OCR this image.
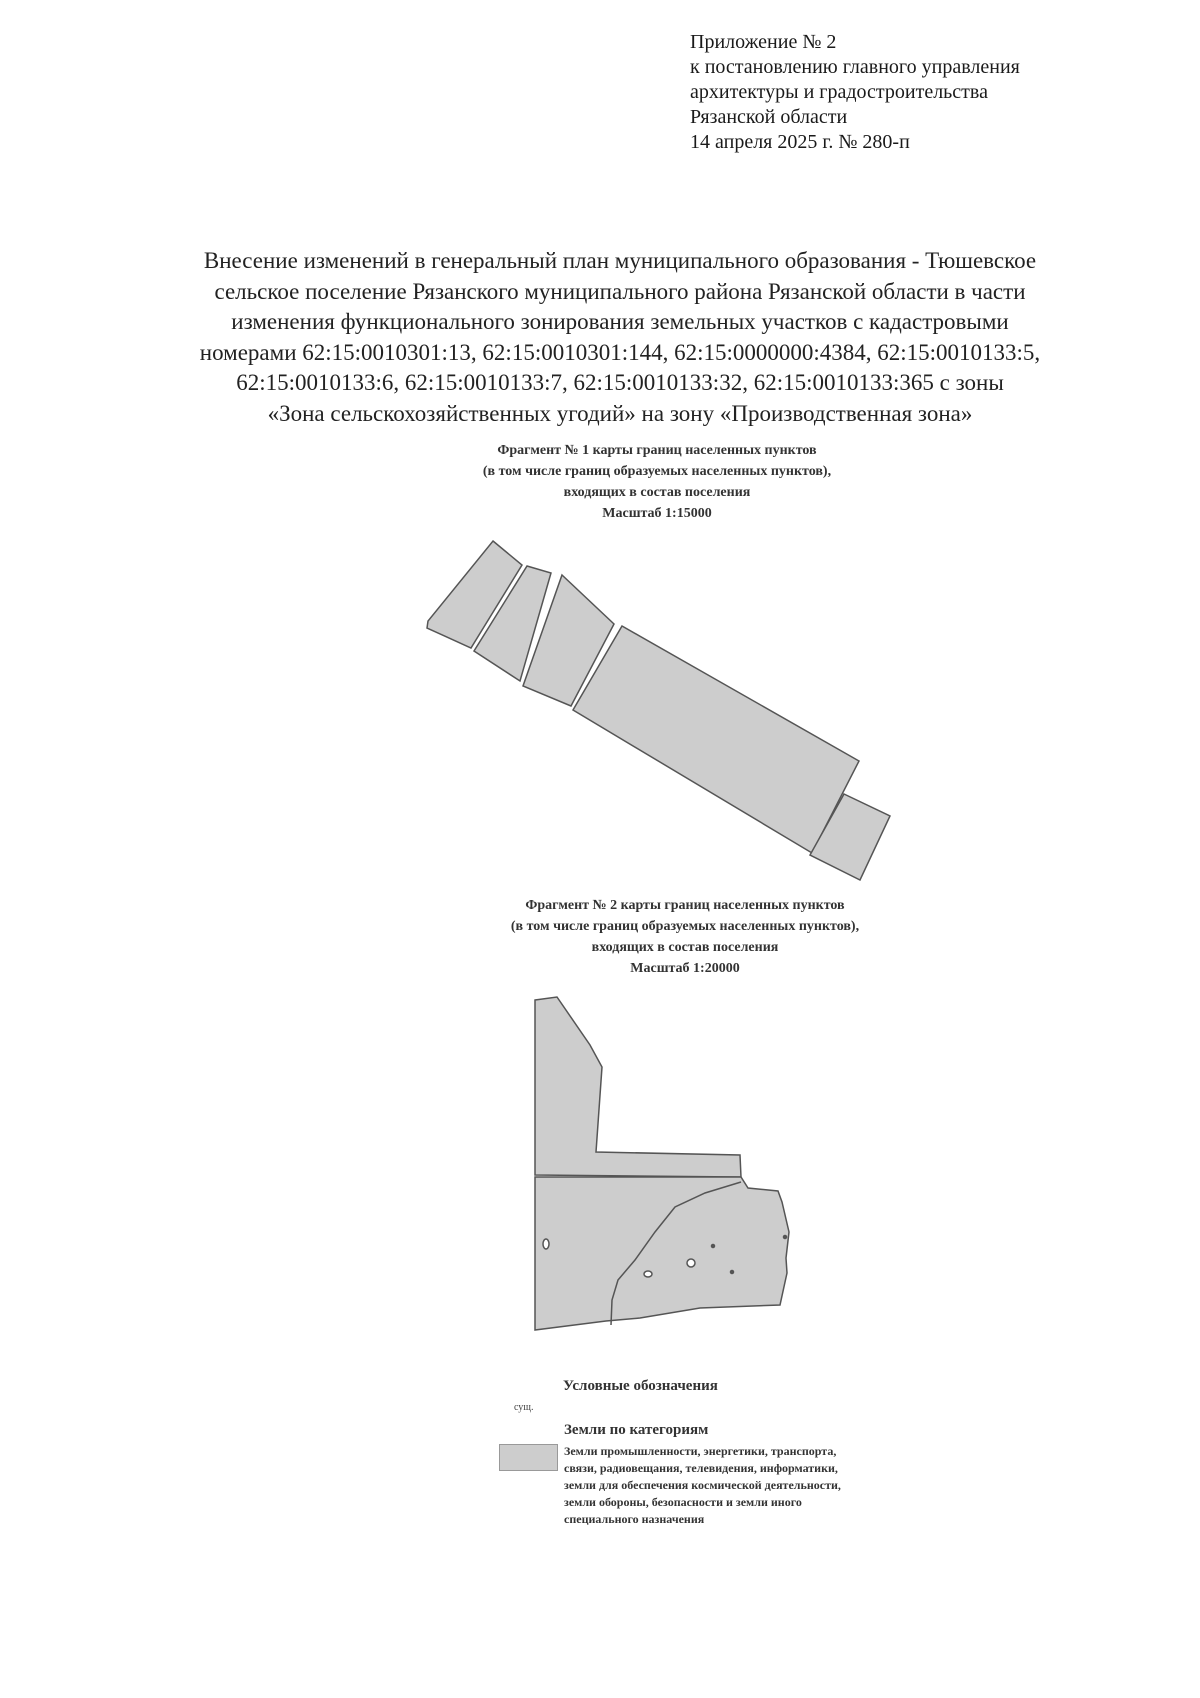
Приложение № 2
к постановлению главного управления
архитектуры и градостроительства
Рязанской области
14 апреля 2025 г. № 280-п
Внесение изменений в генеральный план муниципального образования - Тюшевское
сельское поселение Рязанского муниципального района Рязанской области в части
изменения функционального зонирования земельных участков с кадастровыми
номерами 62:15:0010301:13, 62:15:0010301:144, 62:15:0000000:4384, 62:15:0010133:5,
62:15:0010133:6, 62:15:0010133:7, 62:15:0010133:32, 62:15:0010133:365 с зоны
«Зона сельскохозяйственных угодий» на зону «Производственная зона»
Фрагмент № 1 карты границ населенных пунктов
(в том числе границ образуемых населенных пунктов),
входящих в состав поселения
Масштаб 1:15000
Фрагмент № 2 карты границ населенных пунктов
(в том числе границ образуемых населенных пунктов),
входящих в состав поселения
Масштаб 1:20000
Условные обозначения
сущ.
Земли по категориям
Земли промышленности, энергетики, транспорта,
связи, радиовещания, телевидения, информатики,
земли для обеспечения космической деятельности,
земли обороны, безопасности и земли иного
специального назначения
